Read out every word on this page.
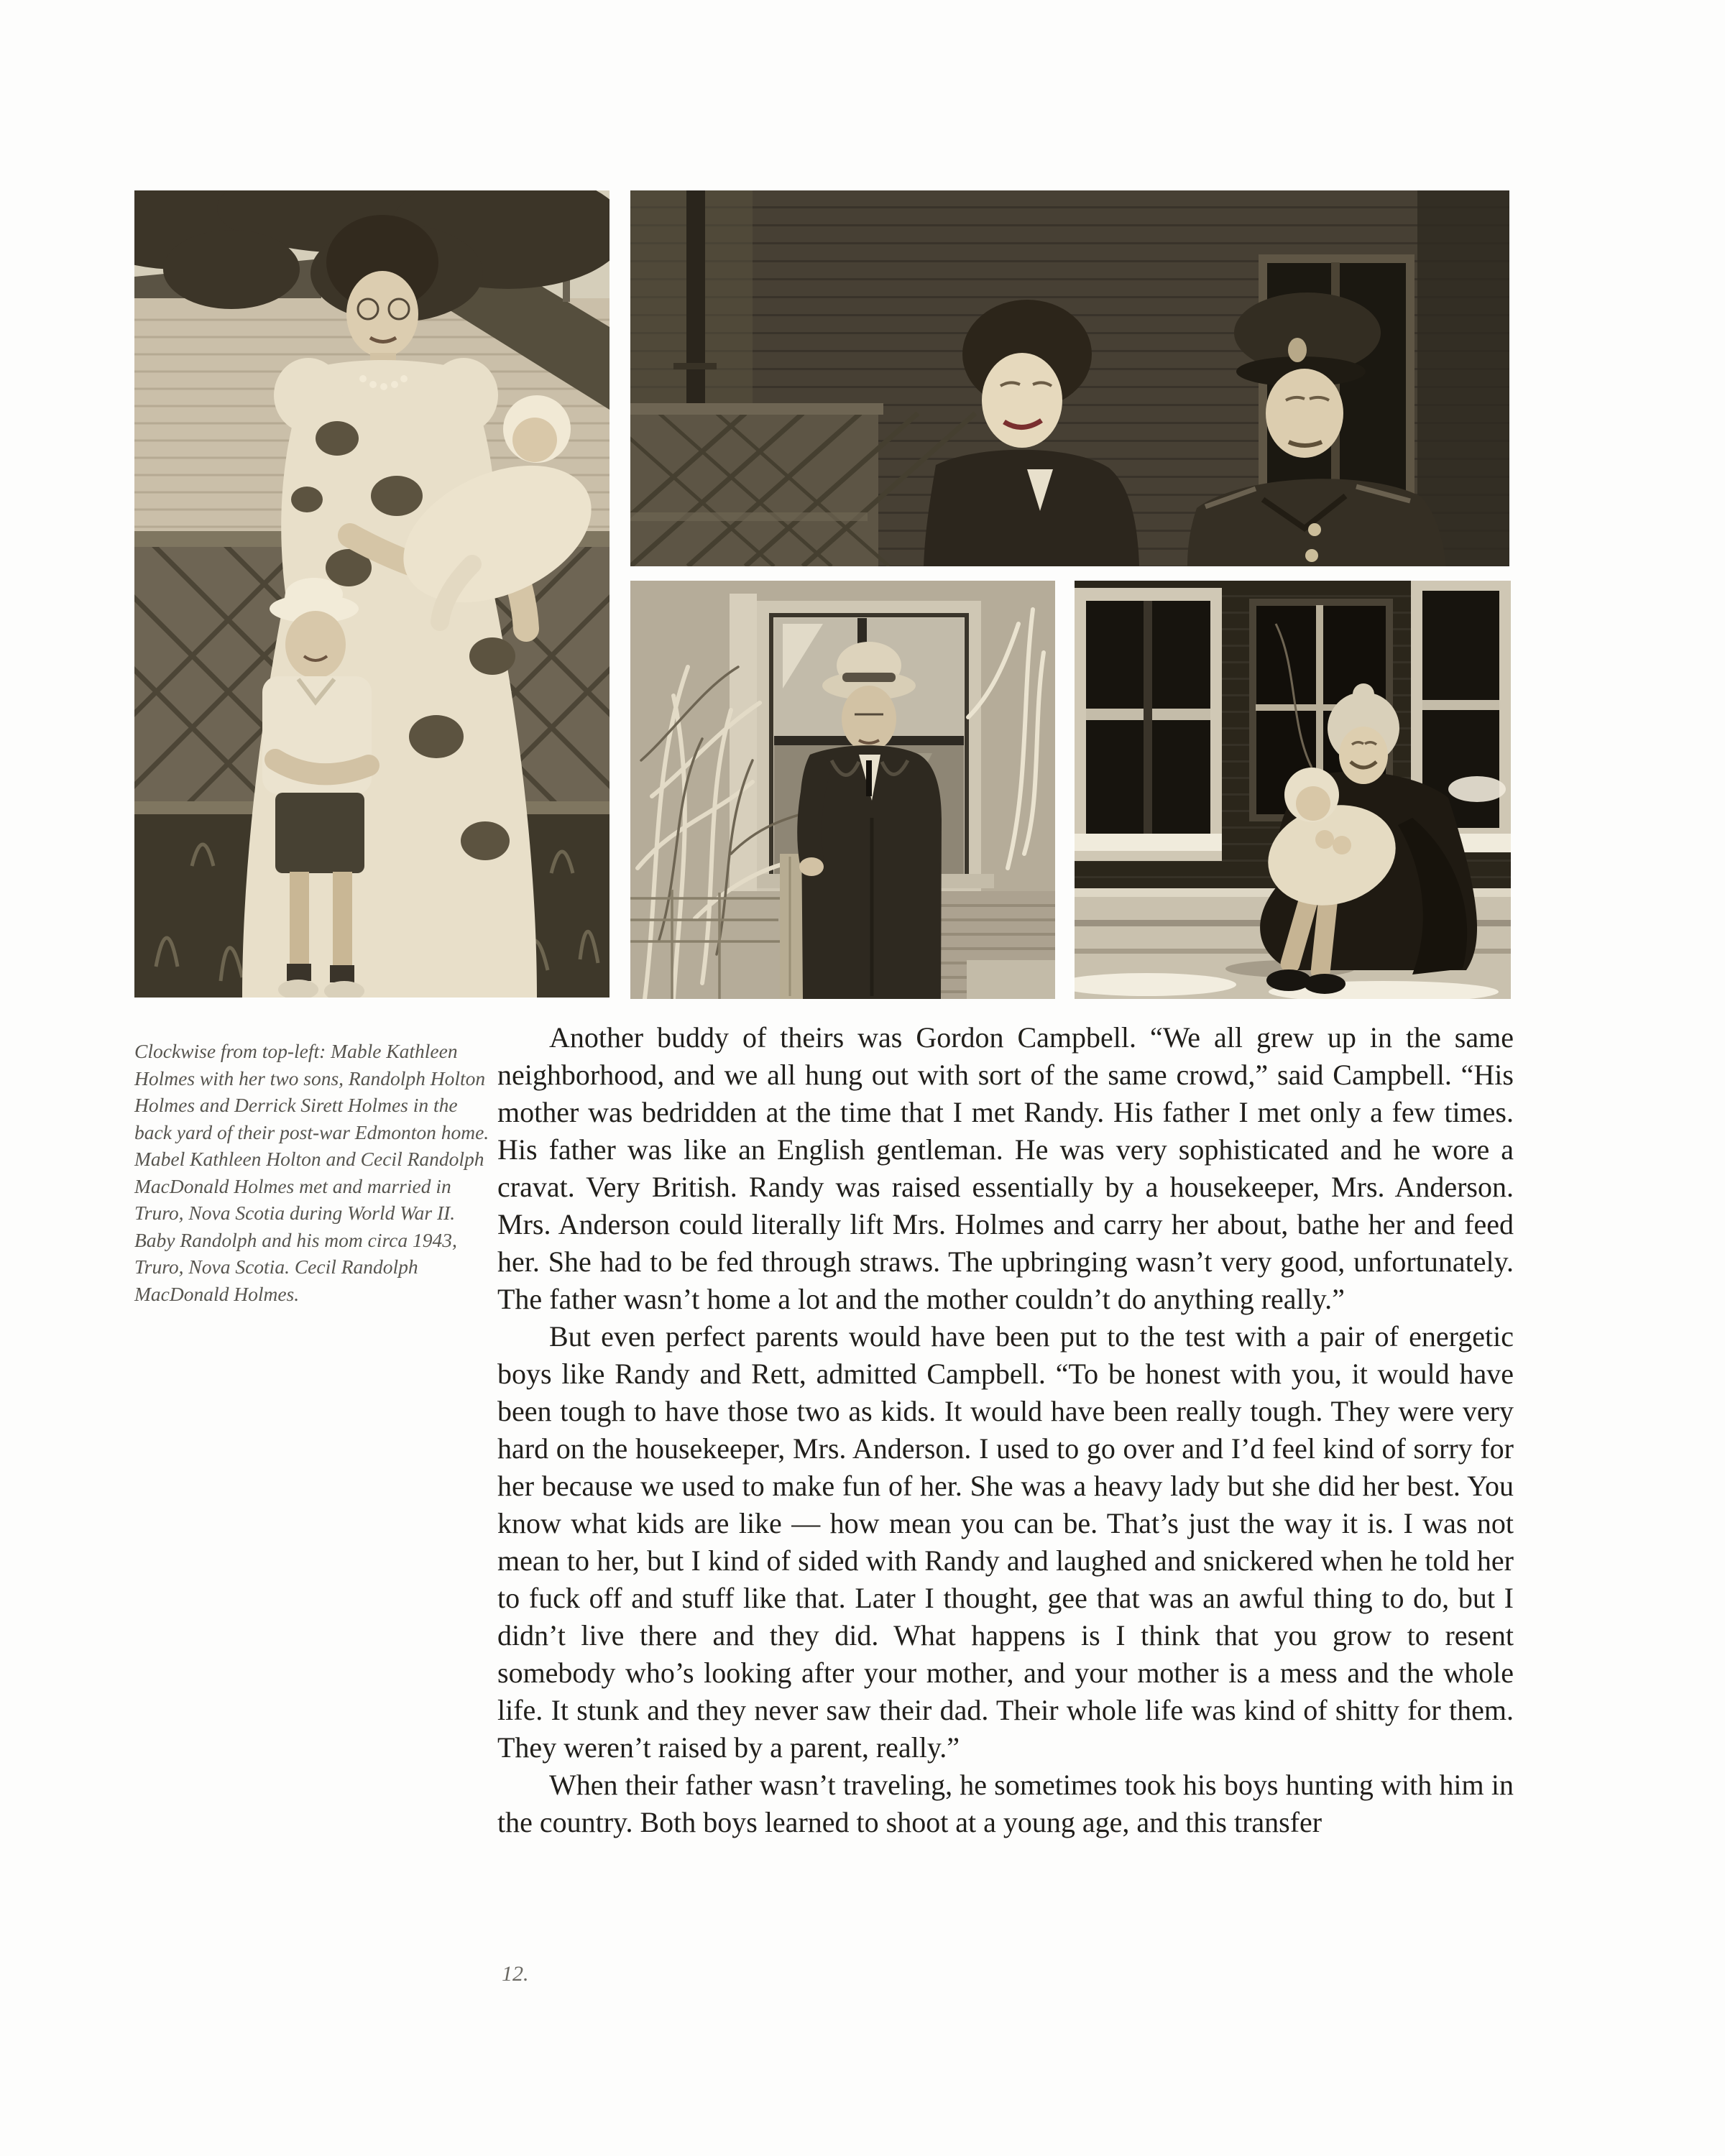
Clockwise from top-left: Mable Kathleen Holmes with her two sons, Randolph Holton Holmes and Derrick Sirett Holmes in the back yard of their post-war Edmonton home. Mabel Kathleen Holton and Cecil Randolph MacDonald Holmes met and married in Truro, Nova Scotia during World War II. Baby Randolph and his mom circa 1943, Truro, Nova Scotia. Cecil Randolph MacDonald Holmes.

Another buddy of theirs was Gordon Campbell. “We all grew up in the same neighborhood, and we all hung out with sort of the same crowd,” said Campbell. “His mother was bedridden at the time that I met Randy. His father I met only a few times. His father was like an English gentleman. He was very sophisticated and he wore a cravat. Very British. Randy was raised essentially by a housekeeper, Mrs. Anderson. Mrs. Anderson could literally lift Mrs. Holmes and carry her about, bathe her and feed her. She had to be fed through straws. The upbringing wasn’t very good, unfortunately. The father wasn’t home a lot and the mother couldn’t do anything really.”

But even perfect parents would have been put to the test with a pair of energetic boys like Randy and Rett, admitted Campbell. “To be honest with you, it would have been tough to have those two as kids. It would have been really tough. They were very hard on the housekeeper, Mrs. Anderson. I used to go over and I’d feel kind of sorry for her because we used to make fun of her. She was a heavy lady but she did her best. You know what kids are like — how mean you can be. That’s just the way it is. I was not mean to her, but I kind of sided with Randy and laughed and snickered when he told her to fuck off and stuff like that. Later I thought, gee that was an awful thing to do, but I didn’t live there and they did. What happens is I think that you grow to resent somebody who’s looking after your mother, and your mother is a mess and the whole life. It stunk and they never saw their dad. Their whole life was kind of shitty for them. They weren’t raised by a parent, really.”

When their father wasn’t traveling, he sometimes took his boys hunting with him in the country. Both boys learned to shoot at a young age, and this transfer

12.
